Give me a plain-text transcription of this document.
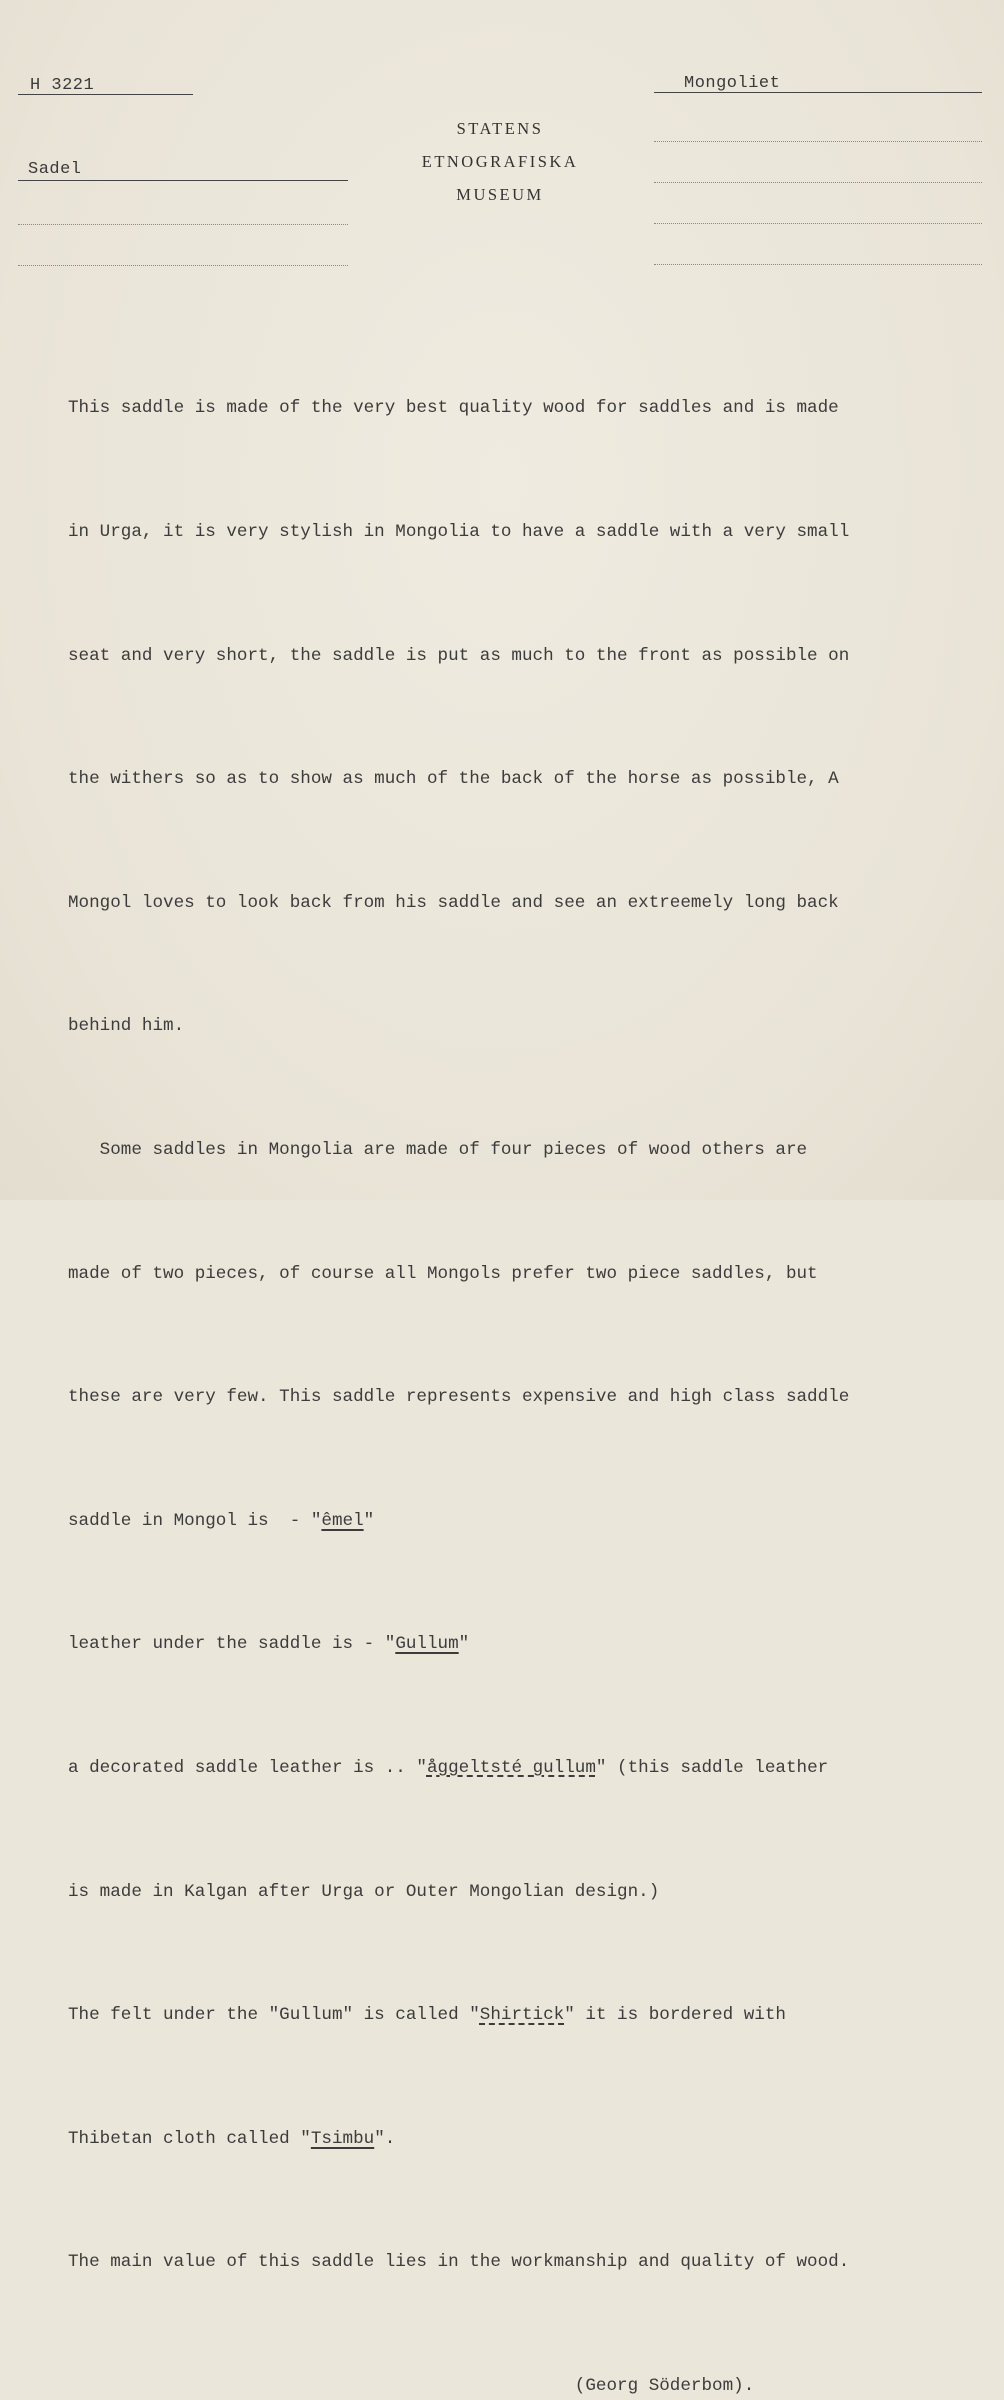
H 3221	Mongoliet
Sadel
STATENS
ETNOGRAFISKA
MUSEUM

This saddle is made of the very best quality wood for saddles and is made

in Urga, it is very stylish in Mongolia to have a saddle with a very small

seat and very short, the saddle is put as much to the front as possible on

the withers so as to show as much of the back of the horse as possible, A

Mongol loves to look back from his saddle and see an extreemely long back

behind him.

Some saddles in Mongolia are made of four pieces of wood others are

made of two pieces, of course all Mongols prefer two piece saddles, but

these are very few. This saddle represents expensive and high class saddle

saddle in Mongol is  - "êmel"

leather under the saddle is - "Gullum"

a decorated saddle leather is .. "åggeltsté gullum" (this saddle leather

is made in Kalgan after Urga or Outer Mongolian design.)

The felt under the "Gullum" is called "Shirtick" it is bordered with

Thibetan cloth called "Tsimbu".

The main value of this saddle lies in the workmanship and quality of wood.

(Georg Söderbom).
